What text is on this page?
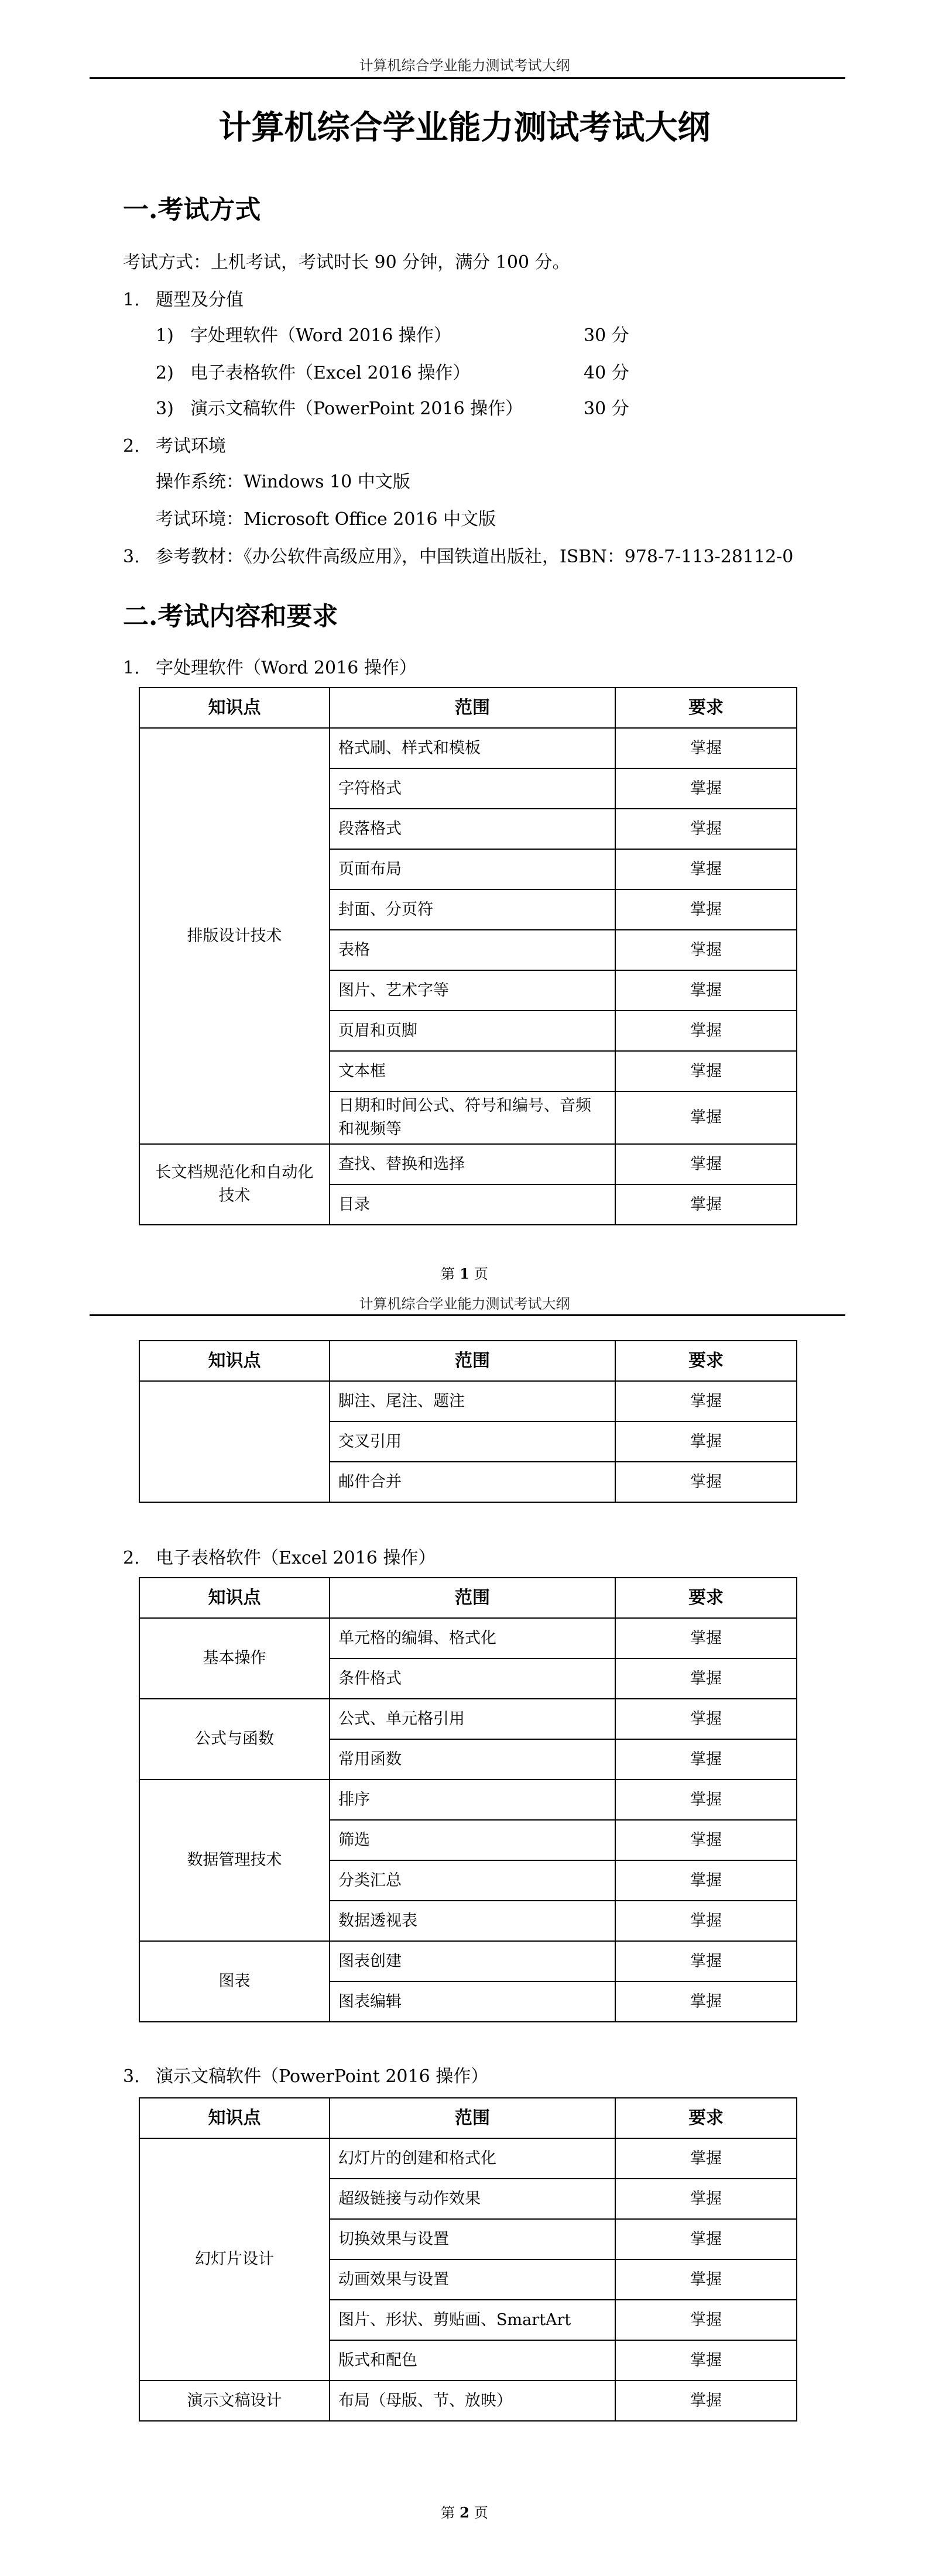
计算机综合学业能力测试考试大纲
计算机综合学业能力测试考试大纲
一.考试方式
考试方式：上机考试，考试时长 90 分钟，满分 100 分。
1. 题型及分值
1) 字处理软件（Word 2016 操作）	30 分
2) 电子表格软件（Excel 2016 操作）	40 分
3) 演示文稿软件（PowerPoint 2016 操作）	30 分
2. 考试环境
操作系统：Windows 10 中文版
考试环境：Microsoft Office 2016 中文版
3. 参考教材：《办公软件高级应用》，中国铁道出版社，ISBN：978-7-113-28112-0
二.考试内容和要求
1. 字处理软件（Word 2016 操作）
知识点	范围	要求
排版设计技术	格式刷、样式和模板	掌握
	字符格式	掌握
	段落格式	掌握
	页面布局	掌握
	封面、分页符	掌握
	表格	掌握
	图片、艺术字等	掌握
	页眉和页脚	掌握
	文本框	掌握
	日期和时间公式、符号和编号、音频和视频等	掌握
长文档规范化和自动化技术	查找、替换和选择	掌握
	目录	掌握
第 1 页
计算机综合学业能力测试考试大纲
知识点	范围	要求
	脚注、尾注、题注	掌握
	交叉引用	掌握
	邮件合并	掌握
2. 电子表格软件（Excel 2016 操作）
知识点	范围	要求
基本操作	单元格的编辑、格式化	掌握
	条件格式	掌握
公式与函数	公式、单元格引用	掌握
	常用函数	掌握
数据管理技术	排序	掌握
	筛选	掌握
	分类汇总	掌握
	数据透视表	掌握
图表	图表创建	掌握
	图表编辑	掌握
3. 演示文稿软件（PowerPoint 2016 操作）
知识点	范围	要求
幻灯片设计	幻灯片的创建和格式化	掌握
	超级链接与动作效果	掌握
	切换效果与设置	掌握
	动画效果与设置	掌握
	图片、形状、剪贴画、SmartArt	掌握
	版式和配色	掌握
演示文稿设计	布局（母版、节、放映）	掌握
第 2 页
